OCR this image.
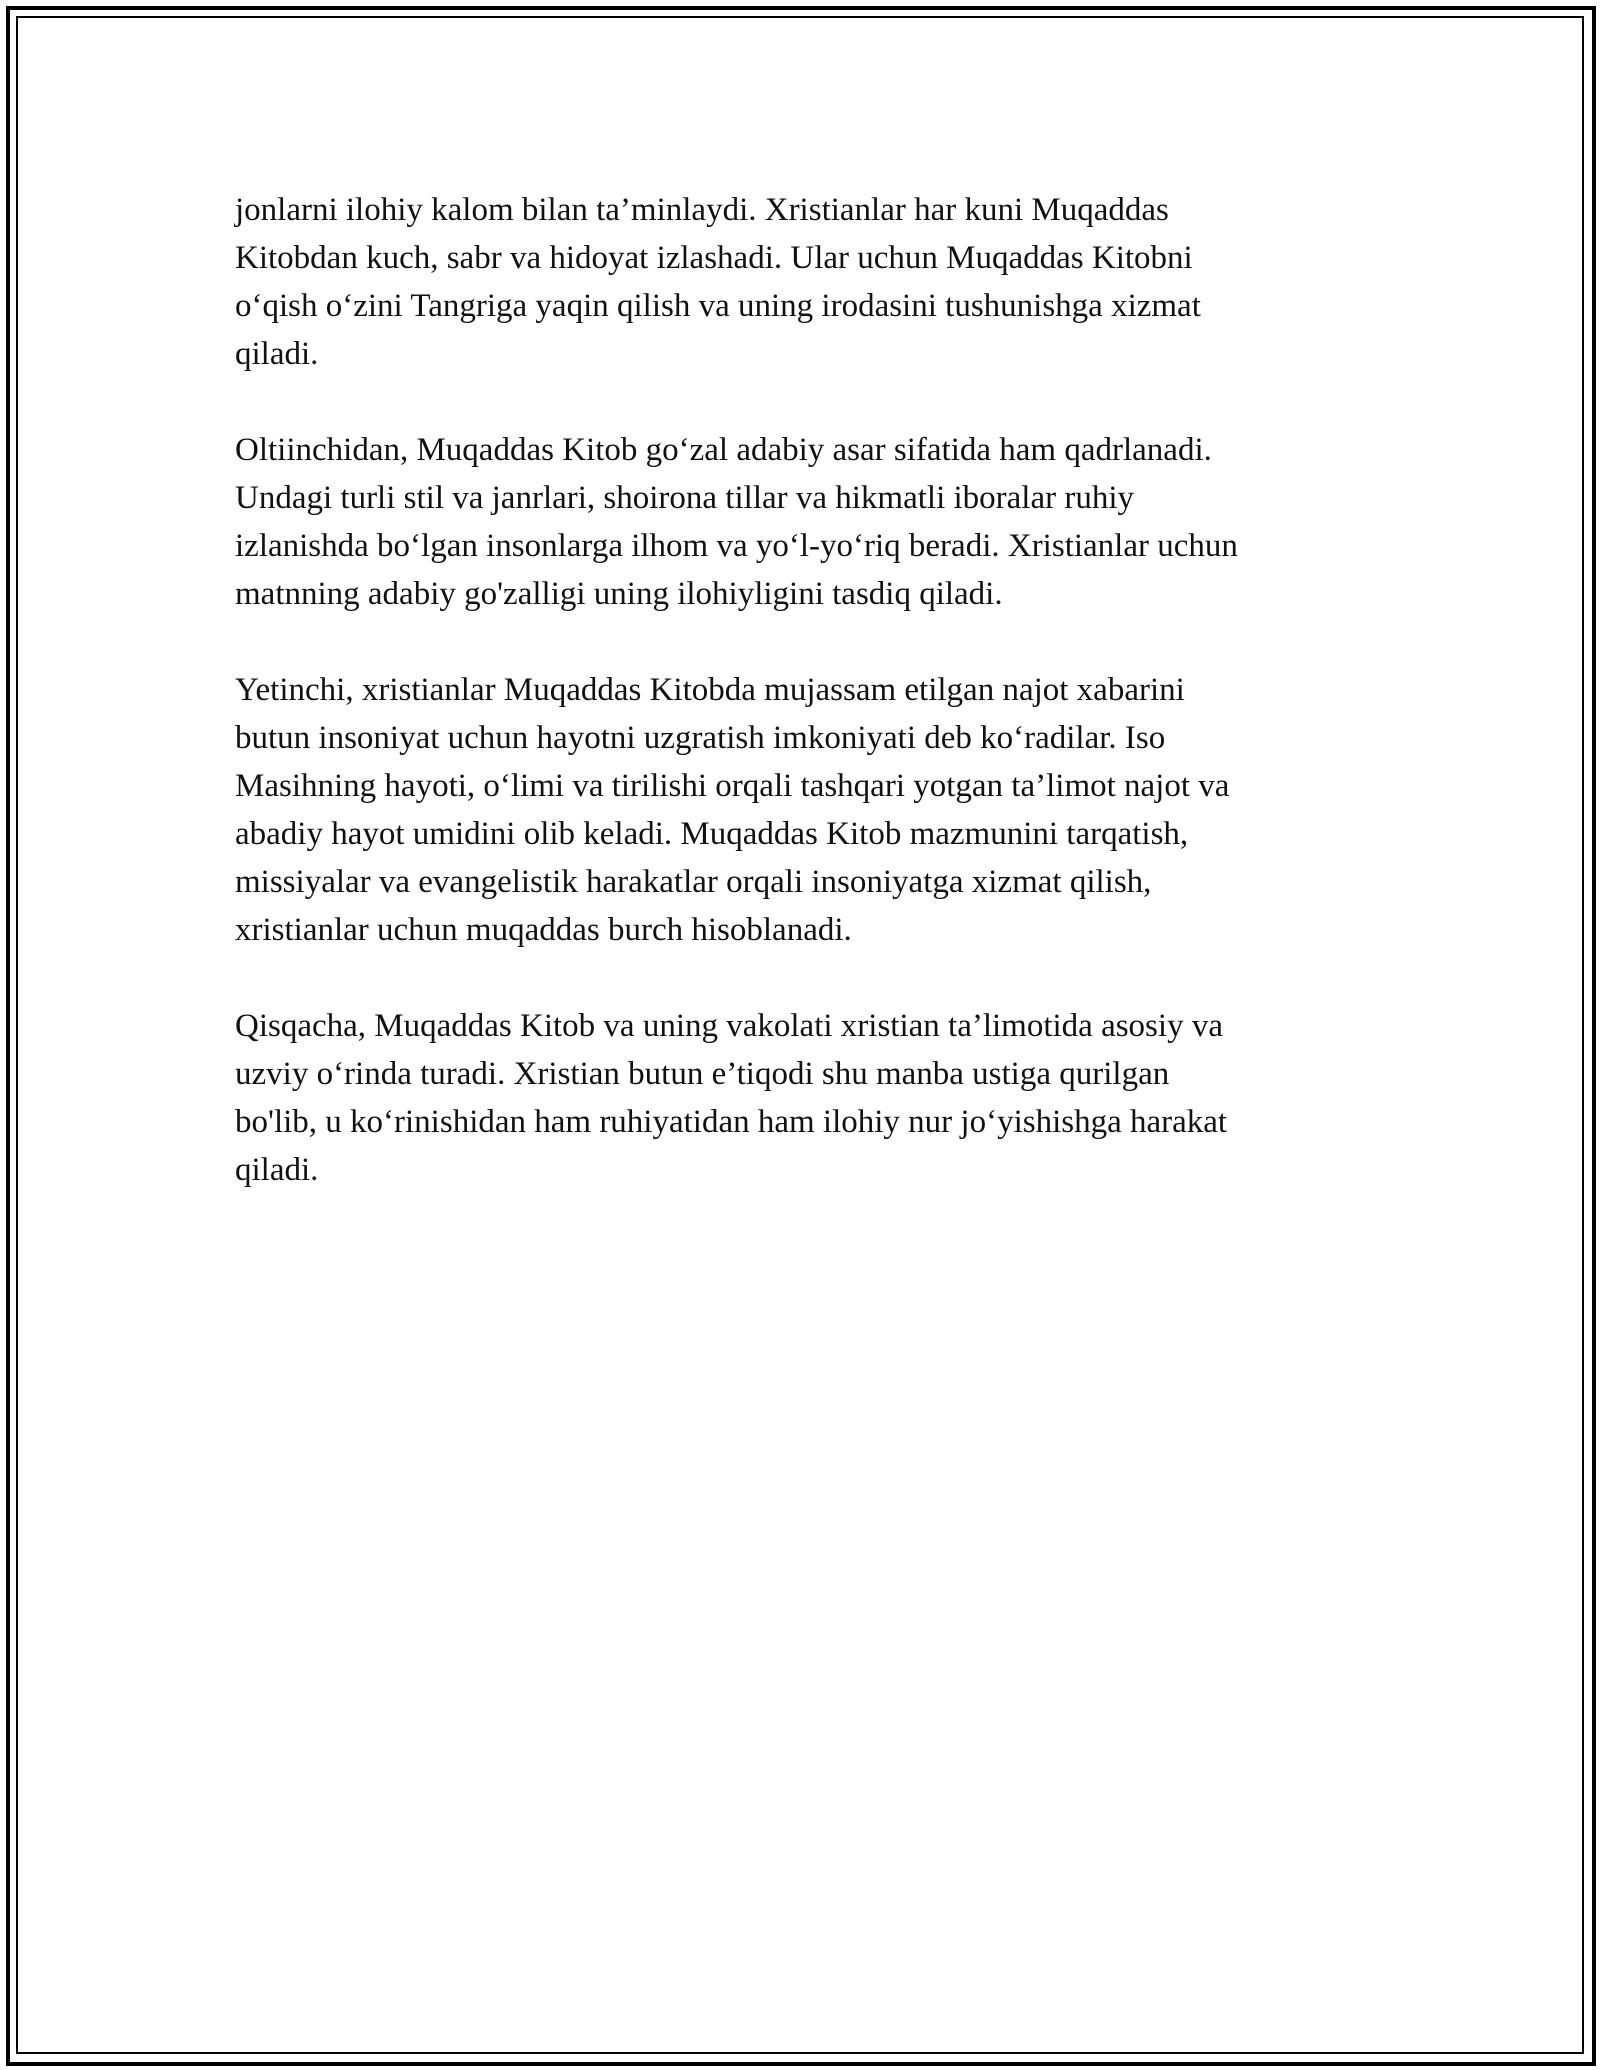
jonlarni ilohiy kalom bilan ta’minlaydi. Xristianlar har kuni Muqaddas
Kitobdan kuch, sabr va hidoyat izlashadi. Ular uchun Muqaddas Kitobni
o‘qish o‘zini Tangriga yaqin qilish va uning irodasini tushunishga xizmat
qiladi.

Oltiinchidan, Muqaddas Kitob go‘zal adabiy asar sifatida ham qadrlanadi.
Undagi turli stil va janrlari, shoirona tillar va hikmatli iboralar ruhiy
izlanishda bo‘lgan insonlarga ilhom va yo‘l-yo‘riq beradi. Xristianlar uchun
matnning adabiy go'zalligi uning ilohiyligini tasdiq qiladi.

Yetinchi, xristianlar Muqaddas Kitobda mujassam etilgan najot xabarini
butun insoniyat uchun hayotni uzgratish imkoniyati deb ko‘radilar. Iso
Masihning hayoti, o‘limi va tirilishi orqali tashqari yotgan ta’limot najot va
abadiy hayot umidini olib keladi. Muqaddas Kitob mazmunini tarqatish,
missiyalar va evangelistik harakatlar orqali insoniyatga xizmat qilish,
xristianlar uchun muqaddas burch hisoblanadi.

Qisqacha, Muqaddas Kitob va uning vakolati xristian ta’limotida asosiy va
uzviy o‘rinda turadi. Xristian butun e’tiqodi shu manba ustiga qurilgan
bo'lib, u ko‘rinishidan ham ruhiyatidan ham ilohiy nur jo‘yishishga harakat
qiladi.
